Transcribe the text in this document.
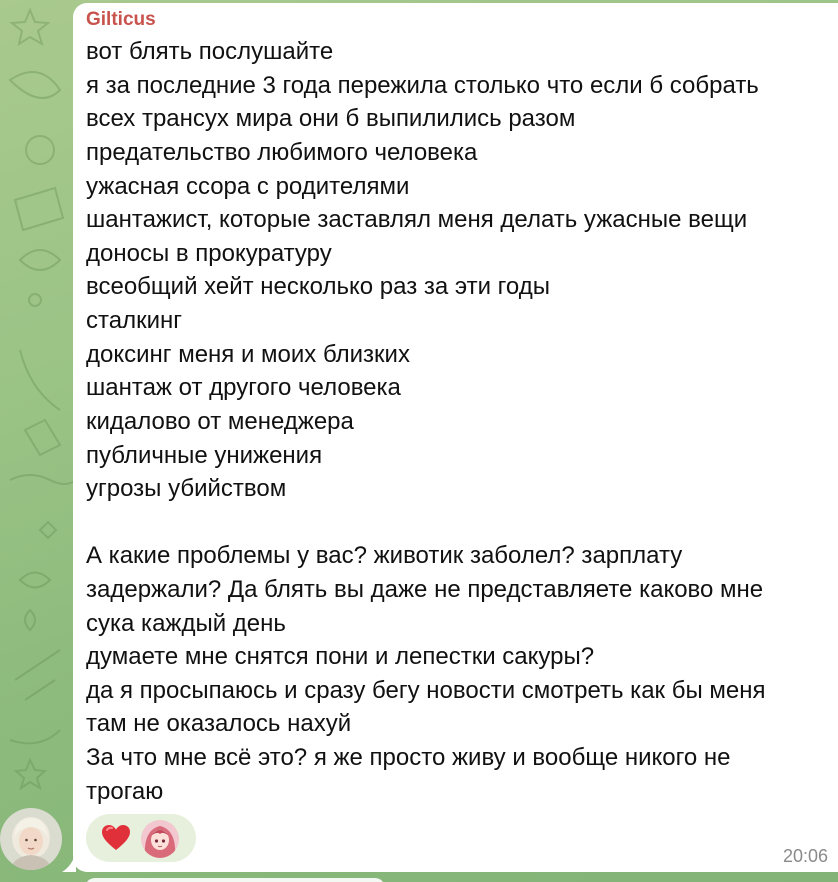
Gilticus
вот блять послушайте
я за последние 3 года пережила столько что если б собрать
всех трансух мира они б выпилились разом
предательство любимого человека
ужасная ссора с родителями
шантажист, которые заставлял меня делать ужасные вещи
доносы в прокуратуру
всеобщий хейт несколько раз за эти годы
сталкинг
доксинг меня и моих близких
шантаж от другого человека
кидалово от менеджера
публичные унижения
угрозы убийством
А какие проблемы у вас? животик заболел? зарплату
задержали? Да блять вы даже не представляете каково мне
сука каждый день
думаете мне снятся пони и лепестки сакуры?
да я просыпаюсь и сразу бегу новости смотреть как бы меня
там не оказалось нахуй
За что мне всё это? я же просто живу и вообще никого не
трогаю
20:06
